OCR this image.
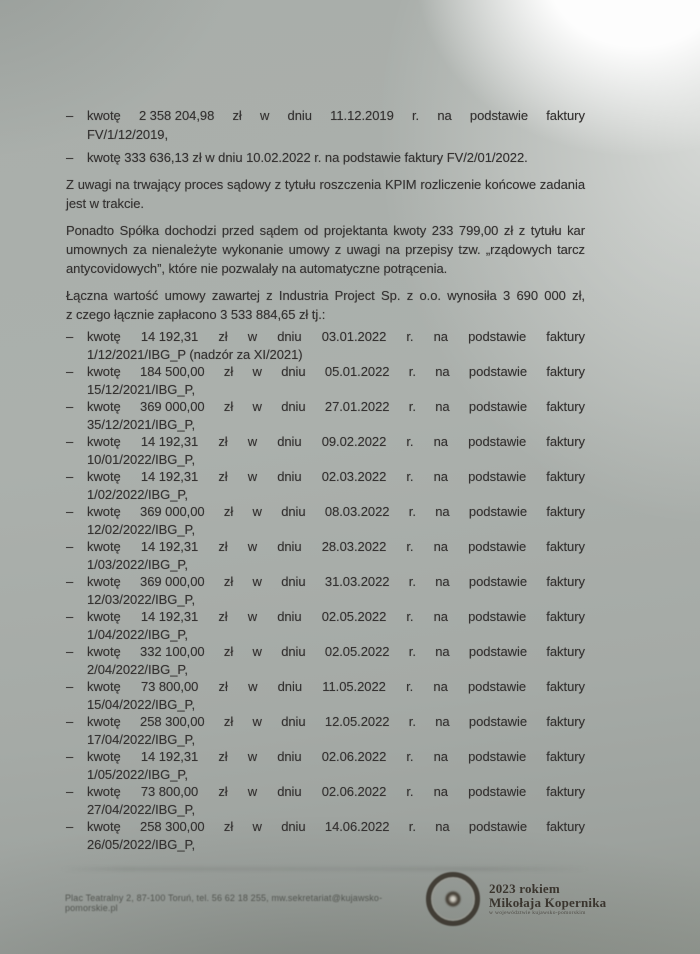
–	kwotę 2 358 204,98 zł w dniu 11.12.2019 r. na podstawie faktury
FV/1/12/2019,
–	kwotę 333 636,13 zł w dniu 10.02.2022 r. na podstawie faktury FV/2/01/2022.

Z uwagi na trwający proces sądowy z tytułu roszczenia KPIM rozliczenie końcowe zadania jest w trakcie.

Ponadto Spółka dochodzi przed sądem od projektanta kwoty 233 799,00 zł z tytułu kar umownych za nienależyte wykonanie umowy z uwagi na przepisy tzw. „rządowych tarcz antycovidowych”, które nie pozwalały na automatyczne potrącenia.

Łączna wartość umowy zawartej z Industria Project Sp. z o.o. wynosiła 3 690 000 zł, z czego łącznie zapłacono 3 533 884,65 zł tj.:

–	kwotę 14 192,31 zł w dniu 03.01.2022 r. na podstawie faktury
1/12/2021/IBG_P (nadzór za XI/2021)
–	kwotę 184 500,00 zł w dniu 05.01.2022 r. na podstawie faktury
15/12/2021/IBG_P,
–	kwotę 369 000,00 zł w dniu 27.01.2022 r. na podstawie faktury
35/12/2021/IBG_P,
–	kwotę 14 192,31 zł w dniu 09.02.2022 r. na podstawie faktury
10/01/2022/IBG_P,
–	kwotę 14 192,31 zł w dniu 02.03.2022 r. na podstawie faktury
1/02/2022/IBG_P,
–	kwotę 369 000,00 zł w dniu 08.03.2022 r. na podstawie faktury
12/02/2022/IBG_P,
–	kwotę 14 192,31 zł w dniu 28.03.2022 r. na podstawie faktury
1/03/2022/IBG_P,
–	kwotę 369 000,00 zł w dniu 31.03.2022 r. na podstawie faktury
12/03/2022/IBG_P,
–	kwotę 14 192,31 zł w dniu 02.05.2022 r. na podstawie faktury
1/04/2022/IBG_P,
–	kwotę 332 100,00 zł w dniu 02.05.2022 r. na podstawie faktury
2/04/2022/IBG_P,
–	kwotę 73 800,00 zł w dniu 11.05.2022 r. na podstawie faktury
15/04/2022/IBG_P,
–	kwotę 258 300,00 zł w dniu 12.05.2022 r. na podstawie faktury
17/04/2022/IBG_P,
–	kwotę 14 192,31 zł w dniu 02.06.2022 r. na podstawie faktury
1/05/2022/IBG_P,
–	kwotę 73 800,00 zł w dniu 02.06.2022 r. na podstawie faktury
27/04/2022/IBG_P,
–	kwotę 258 300,00 zł w dniu 14.06.2022 r. na podstawie faktury
26/05/2022/IBG_P,
Plac Teatralny 2, 87-100 Toruń, tel. 56 62 18 255, mw.sekretariat@kujawsko-pomorskie.pl
2023 rokiem
Mikołaja Kopernika
w województwie kujawsko-pomorskim
